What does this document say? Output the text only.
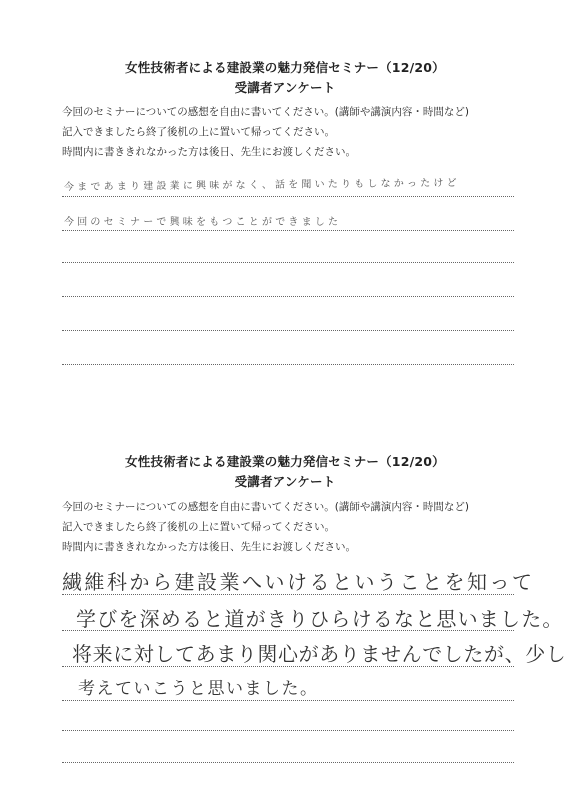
女性技術者による建設業の魅力発信セミナー（12/20）
受講者アンケート
今回のセミナーについての感想を自由に書いてください。(講師や講演内容・時間など)
記入できましたら終了後机の上に置いて帰ってください。
時間内に書ききれなかった方は後日、先生にお渡しください。
今まであまり建設業に興味がなく、話を聞いたりもしなかったけど
今回のセミナーで興味をもつことができました
女性技術者による建設業の魅力発信セミナー（12/20）
受講者アンケート
今回のセミナーについての感想を自由に書いてください。(講師や講演内容・時間など)
記入できましたら終了後机の上に置いて帰ってください。
時間内に書ききれなかった方は後日、先生にお渡しください。
繊維科から建設業へいけるということを知って
学びを深めると道がきりひらけるなと思いました。
将来に対してあまり関心がありませんでしたが、少し
考えていこうと思いました。
